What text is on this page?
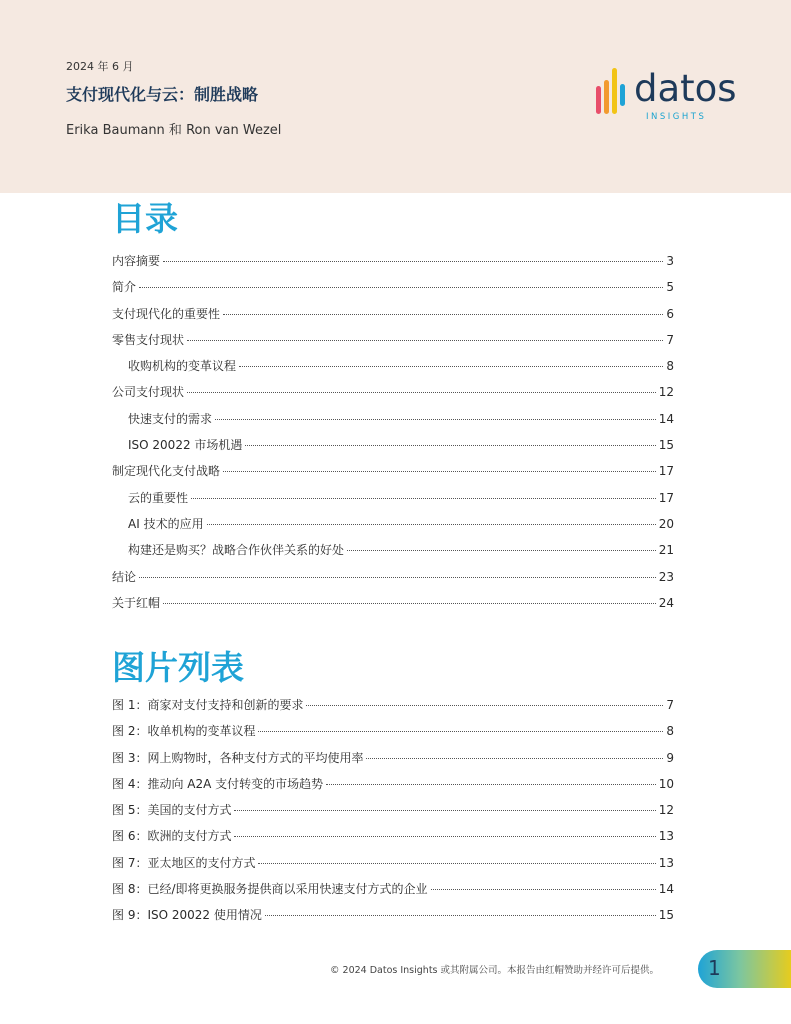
2024 年 6 月
支付现代化与云：制胜战略
Erika Baumann 和 Ron van Wezel
datos
INSIGHTS
目录
内容摘要	3
简介	5
支付现代化的重要性	6
零售支付现状	7
收购机构的变革议程	8
公司支付现状	12
快速支付的需求	14
ISO 20022 市场机遇	15
制定现代化支付战略	17
云的重要性	17
AI 技术的应用	20
构建还是购买？战略合作伙伴关系的好处	21
结论	23
关于红帽	24
图片列表
图 1：商家对支付支持和创新的要求	7
图 2：收单机构的变革议程	8
图 3：网上购物时，各种支付方式的平均使用率	9
图 4：推动向 A2A 支付转变的市场趋势	10
图 5：美国的支付方式	12
图 6：欧洲的支付方式	13
图 7：亚太地区的支付方式	13
图 8：已经/即将更换服务提供商以采用快速支付方式的企业	14
图 9：ISO 20022 使用情况	15
© 2024 Datos Insights 或其附属公司。本报告由红帽赞助并经许可后提供。 1
